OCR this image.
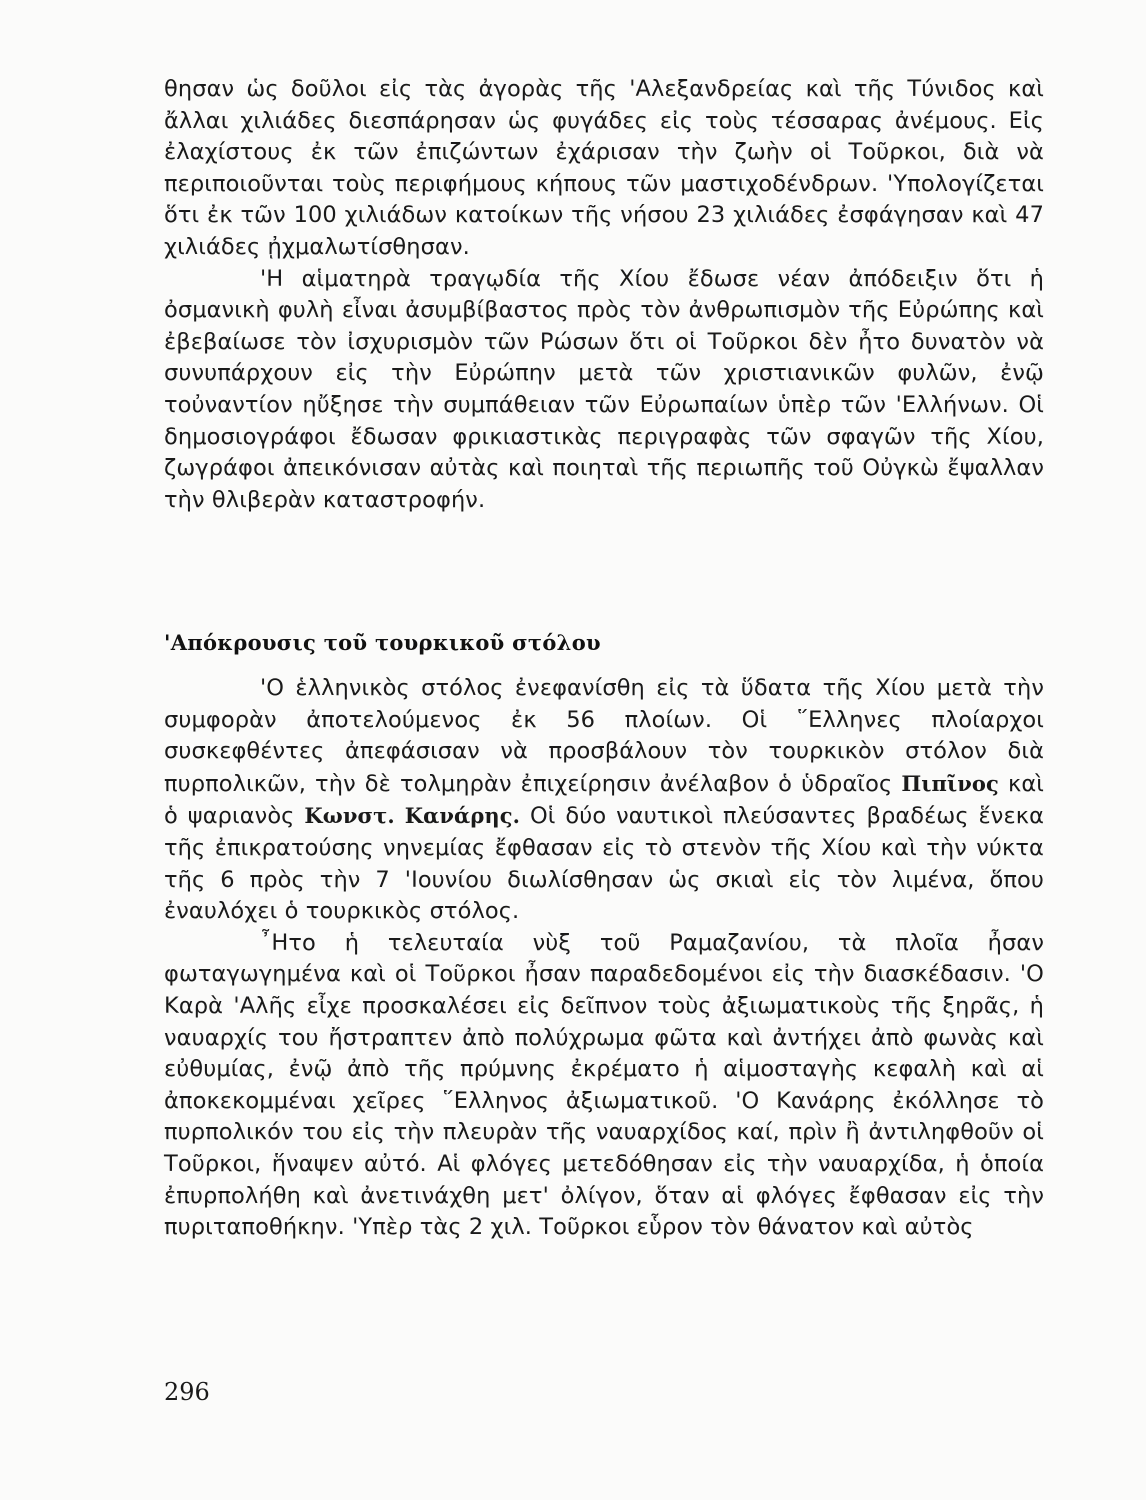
θησαν ὡς δοῦλοι εἰς τὰς ἀγορὰς τῆς 'Αλεξανδρείας καὶ τῆς Τύνιδος καὶ ἄλλαι χιλιάδες διεσπάρησαν ὡς φυγάδες εἰς τοὺς τέσσαρας ἀνέμους. Εἰς ἐλαχίστους ἐκ τῶν ἐπιζώντων ἐχάρισαν τὴν ζωὴν οἱ Τοῦρκοι, διὰ νὰ περιποιοῦνται τοὺς περιφήμους κήπους τῶν μαστιχοδένδρων. 'Υπολογίζεται ὅτι ἐκ τῶν 100 χιλιάδων κατοίκων τῆς νήσου 23 χιλιάδες ἐσφάγησαν καὶ 47 χιλιάδες ᾐχμαλωτίσθησαν.

'Η αἱματηρὰ τραγῳδία τῆς Χίου ἔδωσε νέαν ἀπόδειξιν ὅτι ἡ ὀσμανικὴ φυλὴ εἶναι ἀσυμβίβαστος πρὸς τὸν ἀνθρωπισμὸν τῆς Εὐρώπης καὶ ἐβεβαίωσε τὸν ἰσχυρισμὸν τῶν Ρώσων ὅτι οἱ Τοῦρκοι δὲν ἦτο δυνατὸν νὰ συνυπάρχουν εἰς τὴν Εὐρώπην μετὰ τῶν χριστιανικῶν φυλῶν, ἐνῷ τοὐναντίον ηὔξησε τὴν συμπάθειαν τῶν Εὐρωπαίων ὑπὲρ τῶν 'Ελλήνων. Οἱ δημοσιογράφοι ἔδωσαν φρικιαστικὰς περιγραφὰς τῶν σφαγῶν τῆς Χίου, ζωγράφοι ἀπεικόνισαν αὐτὰς καὶ ποιηταὶ τῆς περιωπῆς τοῦ Οὐγκὼ ἔψαλλαν τὴν θλιβερὰν καταστροφήν.

'Απόκρουσις τοῦ τουρκικοῦ στόλου

'Ο ἑλληνικὸς στόλος ἐνεφανίσθη εἰς τὰ ὕδατα τῆς Χίου μετὰ τὴν συμφορὰν ἀποτελούμενος ἐκ 56 πλοίων. Οἱ ῞Ελληνες πλοίαρχοι συσκεφθέντες ἀπεφάσισαν νὰ προσβάλουν τὸν τουρκικὸν στόλον διὰ πυρπολικῶν, τὴν δὲ τολμηρὰν ἐπιχείρησιν ἀνέλαβον ὁ ὑδραῖος Πιπῖνος καὶ ὁ ψαριανὸς Κωνστ. Κανάρης. Οἱ δύο ναυτικοὶ πλεύσαντες βραδέως ἕνεκα τῆς ἐπικρατούσης νηνεμίας ἔφθασαν εἰς τὸ στενὸν τῆς Χίου καὶ τὴν νύκτα τῆς 6 πρὸς τὴν 7 'Ιουνίου διωλίσθησαν ὡς σκιαὶ εἰς τὸν λιμένα, ὅπου ἐναυλόχει ὁ τουρκικὸς στόλος.

῏Ητο ἡ τελευταία νὺξ τοῦ Ραμαζανίου, τὰ πλοῖα ἦσαν φωταγωγημένα καὶ οἱ Τοῦρκοι ἦσαν παραδεδομένοι εἰς τὴν διασκέδασιν. 'Ο Καρὰ 'Αλῆς εἶχε προσκαλέσει εἰς δεῖπνον τοὺς ἀξιωματικοὺς τῆς ξηρᾶς, ἡ ναυαρχίς του ἤστραπτεν ἀπὸ πολύχρωμα φῶτα καὶ ἀντήχει ἀπὸ φωνὰς καὶ εὐθυμίας, ἐνῷ ἀπὸ τῆς πρύμνης ἐκρέματο ἡ αἱμοσταγὴς κεφαλὴ καὶ αἱ ἀποκεκομμέναι χεῖρες ῞Ελληνος ἀξιωματικοῦ. 'Ο Κανάρης ἐκόλλησε τὸ πυρπολικόν του εἰς τὴν πλευρὰν τῆς ναυαρχίδος καί, πρὶν ἢ ἀντιληφθοῦν οἱ Τοῦρκοι, ἥναψεν αὐτό. Αἱ φλόγες μετεδόθησαν εἰς τὴν ναυαρχίδα, ἡ ὁποία ἐπυρπολήθη καὶ ἀνετινάχθη μετ' ὀλίγον, ὅταν αἱ φλόγες ἔφθασαν εἰς τὴν πυριταποθήκην. 'Υπὲρ τὰς 2 χιλ. Τοῦρκοι εὗρον τὸν θάνατον καὶ αὐτὸς

296
